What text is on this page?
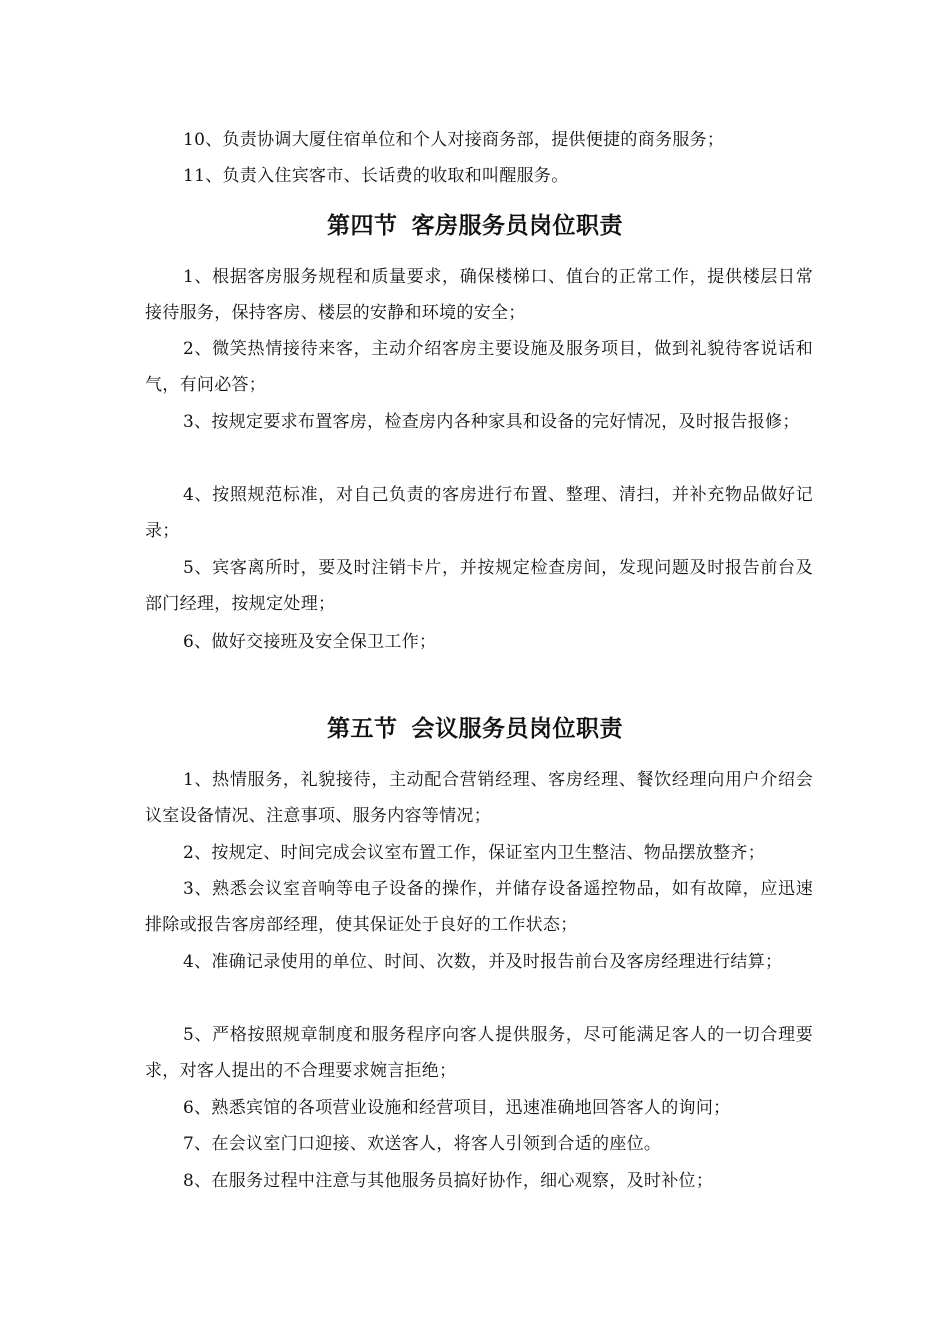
10、负责协调大厦住宿单位和个人对接商务部，提供便捷的商务服务；

11、负责入住宾客市、长话费的收取和叫醒服务。

第四节 客房服务员岗位职责

1、根据客房服务规程和质量要求，确保楼梯口、值台的正常工作，提供楼层日常接待服务，保持客房、楼层的安静和环境的安全；

2、微笑热情接待来客，主动介绍客房主要设施及服务项目，做到礼貌待客说话和气，有问必答；

3、按规定要求布置客房，检查房内各种家具和设备的完好情况，及时报告报修；

4、按照规范标准，对自己负责的客房进行布置、整理、清扫，并补充物品做好记录；

5、宾客离所时，要及时注销卡片，并按规定检查房间，发现问题及时报告前台及部门经理，按规定处理；

6、做好交接班及安全保卫工作；

第五节 会议服务员岗位职责

1、热情服务，礼貌接待，主动配合营销经理、客房经理、餐饮经理向用户介绍会议室设备情况、注意事项、服务内容等情况；

2、按规定、时间完成会议室布置工作，保证室内卫生整洁、物品摆放整齐；

3、熟悉会议室音响等电子设备的操作，并储存设备遥控物品，如有故障，应迅速排除或报告客房部经理，使其保证处于良好的工作状态；

4、准确记录使用的单位、时间、次数，并及时报告前台及客房经理进行结算；

5、严格按照规章制度和服务程序向客人提供服务，尽可能满足客人的一切合理要求，对客人提出的不合理要求婉言拒绝；

6、熟悉宾馆的各项营业设施和经营项目，迅速准确地回答客人的询问；

7、在会议室门口迎接、欢送客人，将客人引领到合适的座位。

8、在服务过程中注意与其他服务员搞好协作，细心观察，及时补位；
